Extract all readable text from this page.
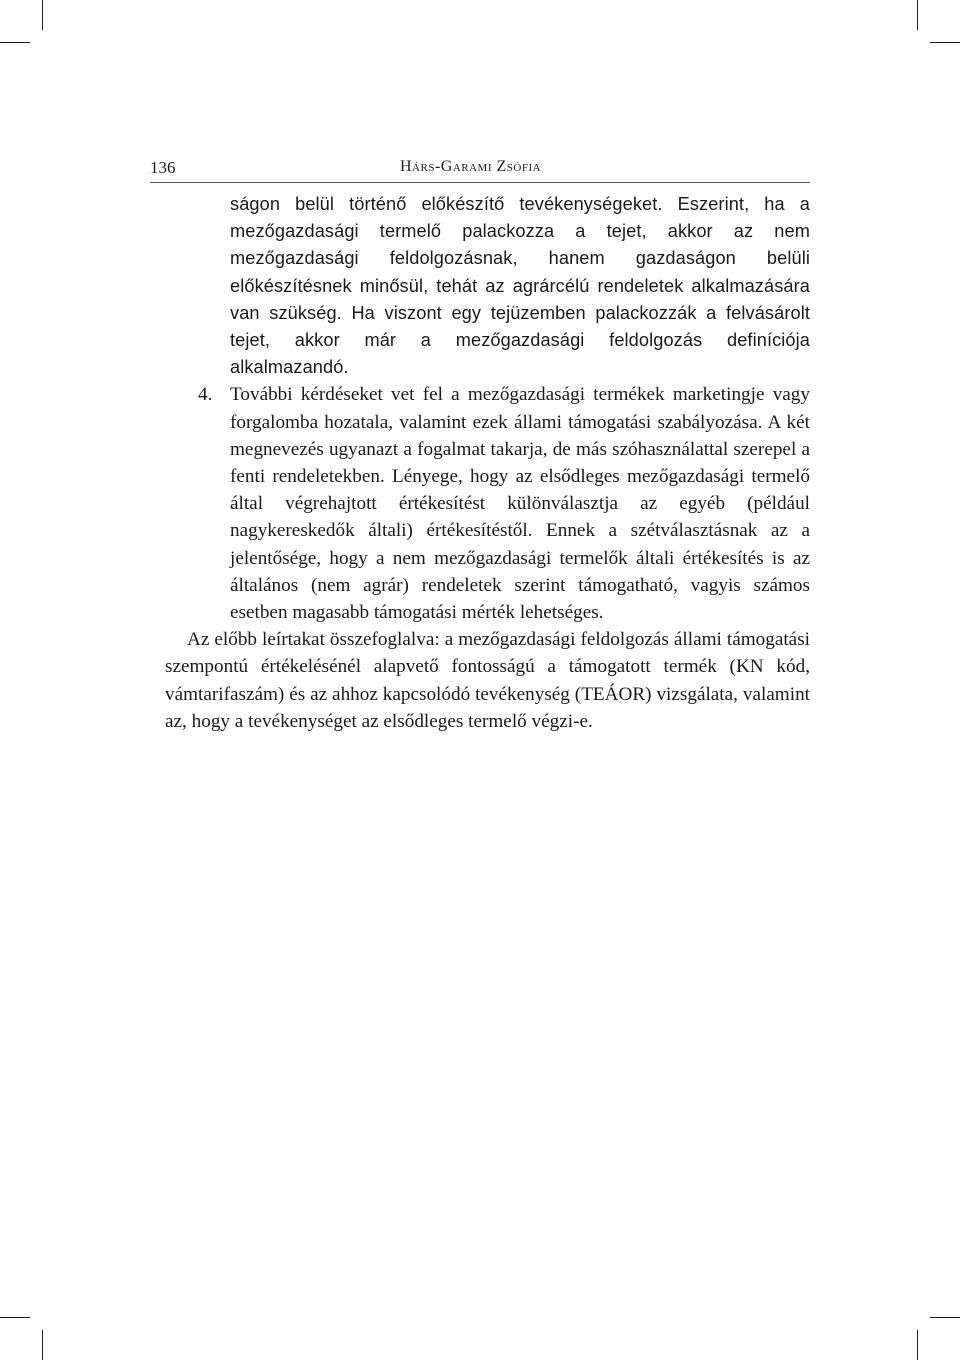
136	Hárs-Garami Zsófia

ságon belül történő előkészítő tevékenységeket. Eszerint, ha a mezőgazdasági termelő palackozza a tejet, akkor az nem mezőgazdasági feldolgozásnak, hanem gazdaságon belüli előkészítésnek minősül, tehát az agrárcélú rendeletek alkalmazására van szükség. Ha viszont egy tejüzemben palackozzák a felvásárolt tejet, akkor már a mezőgazdasági feldolgozás definíciója alkalmazandó.

4. További kérdéseket vet fel a mezőgazdasági termékek marketingje vagy forgalomba hozatala, valamint ezek állami támogatási szabályozása. A két megnevezés ugyanazt a fogalmat takarja, de más szóhasználattal szerepel a fenti rendeletekben. Lényege, hogy az elsődleges mezőgazdasági termelő által végrehajtott értékesítést különválasztja az egyéb (például nagykereskedők általi) értékesítéstől. Ennek a szétválasztásnak az a jelentősége, hogy a nem mezőgazdasági termelők általi értékesítés is az általános (nem agrár) rendeletek szerint támogatható, vagyis számos esetben magasabb támogatási mérték lehetséges.

Az előbb leírtakat összefoglalva: a mezőgazdasági feldolgozás állami támogatási szempontú értékelésénél alapvető fontosságú a támogatott termék (KN kód, vámtarifaszám) és az ahhoz kapcsolódó tevékenység (TEÁOR) vizsgálata, valamint az, hogy a tevékenységet az elsődleges termelő végzi-e.
